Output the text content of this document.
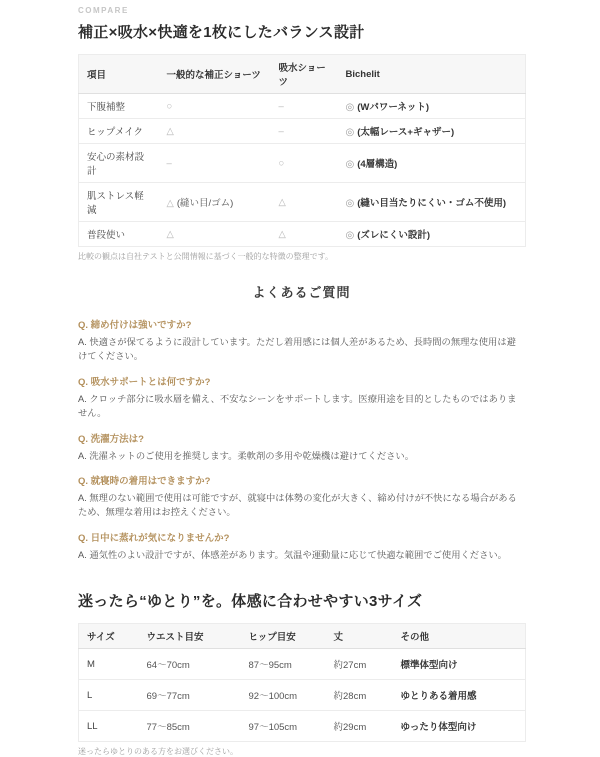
COMPARE
補正×吸水×快適を1枚にしたバランス設計
項目	一般的な補正ショーツ	吸水ショーツ	Bichelit
下腹補整	○	–	◎ (Wパワーネット)
ヒップメイク	△	–	◎ (太幅レース+ギャザー)
安心の素材設計	–	○	◎ (4層構造)
肌ストレス軽減	△ (縫い目/ゴム)	△	◎ (縫い目当たりにくい・ゴム不使用)
普段使い	△	△	◎ (ズレにくい設計)

比較の観点は自社テストと公開情報に基づく一般的な特徴の整理です。

よくあるご質問
Q. 締め付けは強いですか?
A. 快適さが保てるように設計しています。ただし着用感には個人差があるため、長時間の無理な使用は避けてください。
Q. 吸水サポートとは何ですか?
A. クロッチ部分に吸水層を備え、不安なシーンをサポートします。医療用途を目的としたものではありません。
Q. 洗濯方法は?
A. 洗濯ネットのご使用を推奨します。柔軟剤の多用や乾燥機は避けてください。
Q. 就寝時の着用はできますか?
A. 無理のない範囲で使用は可能ですが、就寝中は体勢の変化が大きく、締め付けが不快になる場合があるため、無理な着用はお控えください。
Q. 日中に蒸れが気になりませんか?
A. 通気性のよい設計ですが、体感差があります。気温や運動量に応じて快適な範囲でご使用ください。
迷ったら“ゆとり”を。体感に合わせやすい3サイズ
サイズ	ウエスト目安	ヒップ目安	丈	その他
M	64〜70cm	87〜95cm	約27cm	標準体型向け
L	69〜77cm	92〜100cm	約28cm	ゆとりある着用感
LL	77〜85cm	97〜105cm	約29cm	ゆったり体型向け

迷ったらゆとりのある方をお選びください。
